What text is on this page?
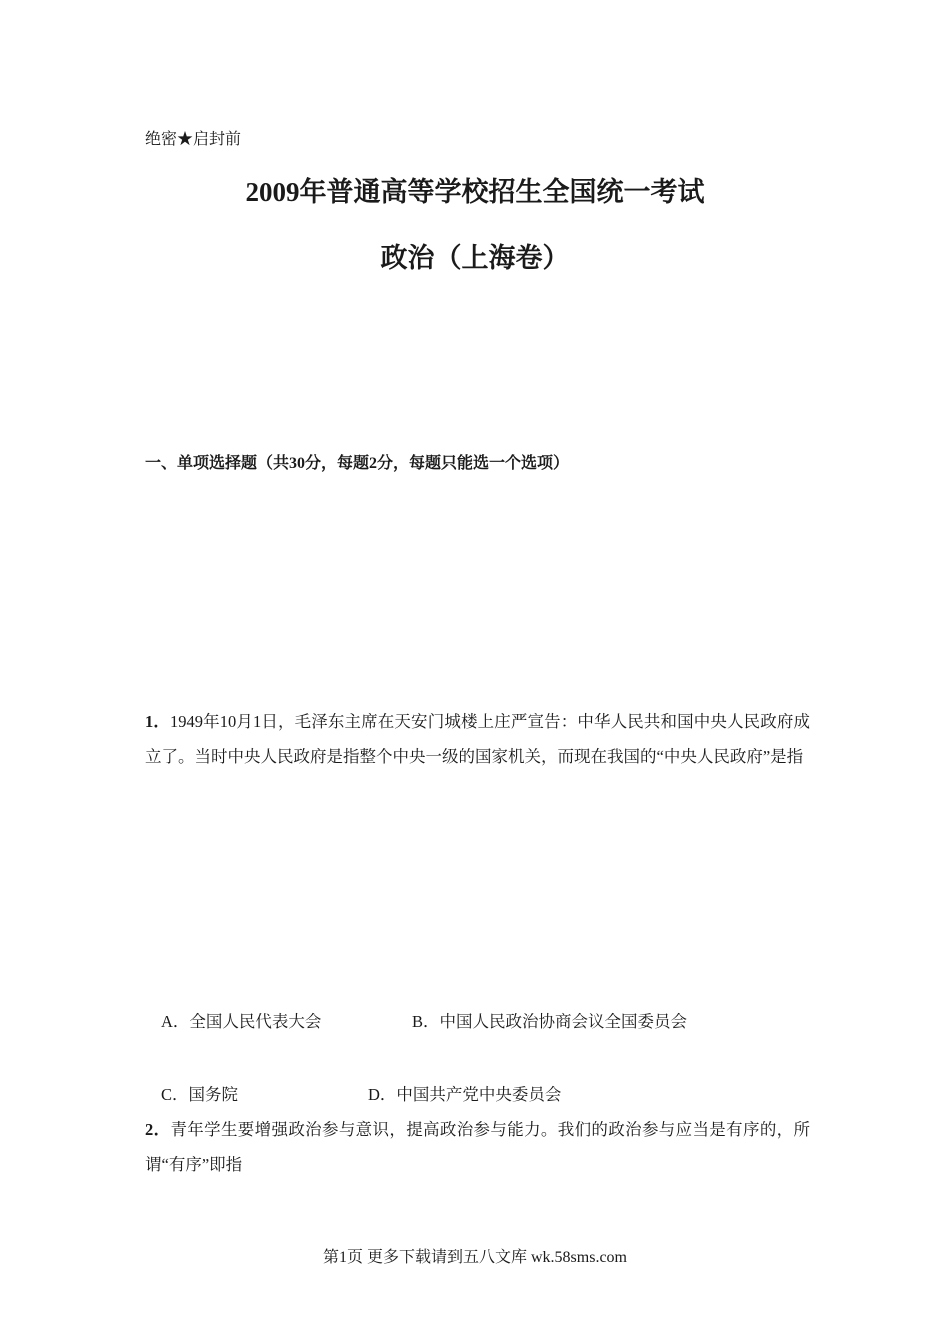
绝密★启封前
2009年普通高等学校招生全国统一考试
政治（上海卷）
一、单项选择题（共30分，每题2分，每题只能选一个选项）
1．1949年10月1日，毛泽东主席在天安门城楼上庄严宣告：中华人民共和国中央人民政府成立了。当时中央人民政府是指整个中央一级的国家机关，而现在我国的“中央人民政府”是指
A．全国人民代表大会	B．中国人民政治协商会议全国委员会
C．国务院	D．中国共产党中央委员会
2．青年学生要增强政治参与意识，提高政治参与能力。我们的政治参与应当是有序的，所谓“有序”即指
第1页 更多下载请到五八文库 wk.58sms.com
